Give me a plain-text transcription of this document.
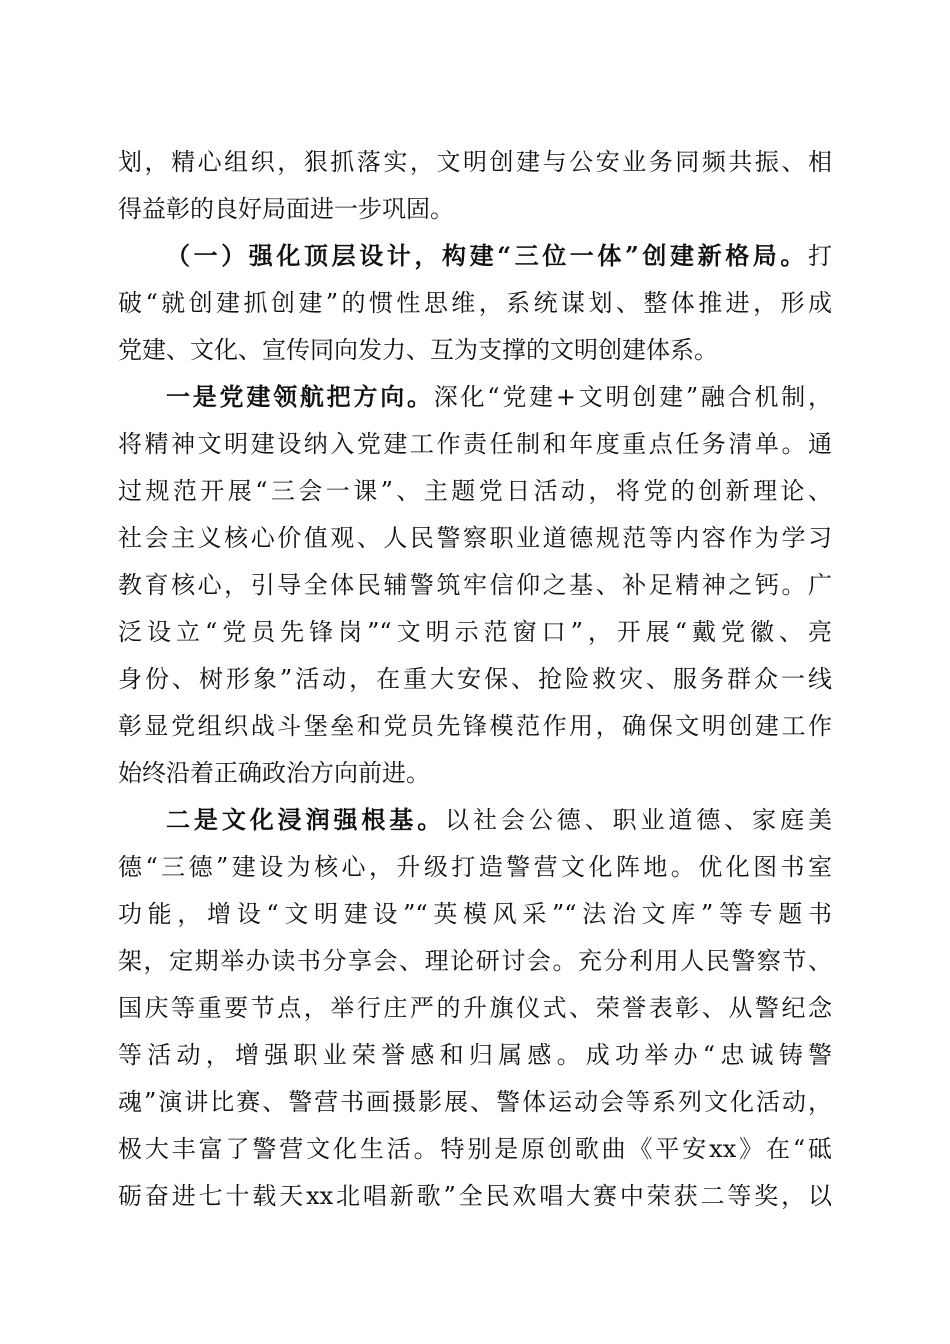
划，精心组织，狠抓落实，文明创建与公安业务同频共振、相
得益彰的良好局面进一步巩固。
（一）强化顶层设计，构建“三位一体”创建新格局。打
破“就创建抓创建”的惯性思维，系统谋划、整体推进，形成
党建、文化、宣传同向发力、互为支撑的文明创建体系。
一是党建领航把方向。深化“党建+文明创建”融合机制，
将精神文明建设纳入党建工作责任制和年度重点任务清单。通
过规范开展“三会一课”、主题党日活动，将党的创新理论、
社会主义核心价值观、人民警察职业道德规范等内容作为学习
教育核心，引导全体民辅警筑牢信仰之基、补足精神之钙。广
泛设立“党员先锋岗”“文明示范窗口”，开展“戴党徽、亮
身份、树形象”活动，在重大安保、抢险救灾、服务群众一线
彰显党组织战斗堡垒和党员先锋模范作用，确保文明创建工作
始终沿着正确政治方向前进。
二是文化浸润强根基。以社会公德、职业道德、家庭美
德“三德”建设为核心，升级打造警营文化阵地。优化图书室
功能，增设“文明建设”“英模风采”“法治文库”等专题书
架，定期举办读书分享会、理论研讨会。充分利用人民警察节、
国庆等重要节点，举行庄严的升旗仪式、荣誉表彰、从警纪念
等活动，增强职业荣誉感和归属感。成功举办“忠诚铸警
魂”演讲比赛、警营书画摄影展、警体运动会等系列文化活动，
极大丰富了警营文化生活。特别是原创歌曲《平安xx》在“砥
砺奋进七十载天xx北唱新歌”全民欢唱大赛中荣获二等奖，以
